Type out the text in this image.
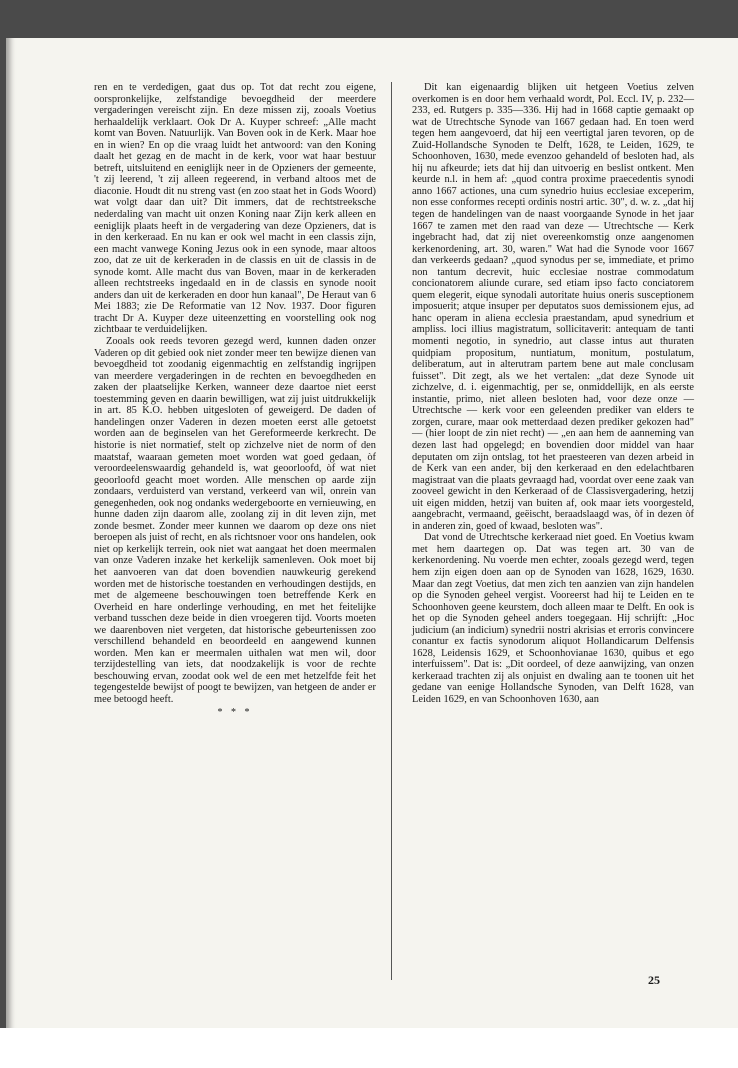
ren en te verdedigen, gaat dus op. Tot dat recht zou eigene, oorspronkelijke, zelfstandige bevoegdheid der meerdere vergaderingen vereischt zijn. En deze missen zij, zooals Voetius herhaaldelijk verklaart. Ook Dr A. Kuyper schreef: „Alle macht komt van Boven. Natuurlijk. Van Boven ook in de Kerk. Maar hoe en in wien? En op die vraag luidt het antwoord: van den Koning daalt het gezag en de macht in de kerk, voor wat haar bestuur betreft, uitsluitend en eeniglijk neer in de Opzieners der gemeente, 't zij leerend, 't zij alleen regeerend, in verband altoos met de diaconie. Houdt dit nu streng vast (en zoo staat het in Gods Woord) wat volgt daar dan uit? Dit immers, dat de rechtstreeksche nederdaling van macht uit onzen Koning naar Zijn kerk alleen en eeniglijk plaats heeft in de vergadering van deze Opzieners, dat is in den kerkeraad. En nu kan er ook wel macht in een classis zijn, een macht vanwege Koning Jezus ook in een synode, maar altoos zoo, dat ze uit de kerkeraden in de classis en uit de classis in de synode komt. Alle macht dus van Boven, maar in de kerkeraden alleen rechtstreeks ingedaald en in de classis en synode nooit anders dan uit de kerkeraden en door hun kanaal", De Heraut van 6 Mei 1883; zie De Reformatie van 12 Nov. 1937. Door figuren tracht Dr A. Kuyper deze uiteenzetting en voorstelling ook nog zichtbaar te verduidelijken.

Zooals ook reeds tevoren gezegd werd, kunnen daden onzer Vaderen op dit gebied ook niet zonder meer ten bewijze dienen van bevoegdheid tot zoodanig eigenmachtig en zelfstandig ingrijpen van meerdere vergaderingen in de rechten en bevoegdheden en zaken der plaatselijke Kerken, wanneer deze daartoe niet eerst toestemming geven en daarin bewilligen, wat zij juist uitdrukkelijk in art. 85 K.O. hebben uitgesloten of geweigerd. De daden of handelingen onzer Vaderen in dezen moeten eerst alle getoetst worden aan de beginselen van het Gereformeerde kerkrecht. De historie is niet normatief, stelt op zichzelve niet de norm of den maatstaf, waaraan gemeten moet worden wat goed gedaan, òf veroordeelenswaardig gehandeld is, wat geoorloofd, òf wat niet geoorloofd geacht moet worden. Alle menschen op aarde zijn zondaars, verduisterd van verstand, verkeerd van wil, onrein van genegenheden, ook nog ondanks wedergeboorte en vernieuwing, en hunne daden zijn daarom alle, zoolang zij in dit leven zijn, met zonde besmet. Zonder meer kunnen we daarom op deze ons niet beroepen als juist of recht, en als richtsnoer voor ons handelen, ook niet op kerkelijk terrein, ook niet wat aangaat het doen meermalen van onze Vaderen inzake het kerkelijk samenleven. Ook moet bij het aanvoeren van dat doen bovendien nauwkeurig gerekend worden met de historische toestanden en verhoudingen destijds, en met de algemeene beschouwingen toen betreffende Kerk en Overheid en hare onderlinge verhouding, en met het feitelijke verband tusschen deze beide in dien vroegeren tijd. Voorts moeten we daarenboven niet vergeten, dat historische gebeurtenissen zoo verschillend behandeld en beoordeeld en aangewend kunnen worden. Men kan er meermalen uithalen wat men wil, door terzijdestelling van iets, dat noodzakelijk is voor de rechte beschouwing ervan, zoodat ook wel de een met hetzelfde feit het tegengestelde bewijst of poogt te bewijzen, van hetgeen de ander er mee betoogd heeft.

* * *

Dit kan eigenaardig blijken uit hetgeen Voetius zelven overkomen is en door hem verhaald wordt, Pol. Eccl. IV, p. 232—233, ed. Rutgers p. 335—336. Hij had in 1668 captie gemaakt op wat de Utrechtsche Synode van 1667 gedaan had. En toen werd tegen hem aangevoerd, dat hij een veertigtal jaren tevoren, op de Zuid-Hollandsche Synoden te Delft, 1628, te Leiden, 1629, te Schoonhoven, 1630, mede evenzoo gehandeld of besloten had, als hij nu afkeurde; iets dat hij dan uitvoerig en beslist ontkent. Men keurde n.l. in hem af: „quod contra proxime praecedentis synodi anno 1667 actiones, una cum synedrio huius ecclesiae exceperim, non esse conformes recepti ordinis nostri artic. 30", d. w. z. „dat hij tegen de handelingen van de naast voorgaande Synode in het jaar 1667 te zamen met den raad van deze — Utrechtsche — Kerk ingebracht had, dat zij niet overeenkomstig onze aangenomen kerkenordening, art. 30, waren." Wat had die Synode voor 1667 dan verkeerds gedaan? „quod synodus per se, immediate, et primo non tantum decrevit, huic ecclesiae nostrae commodatum concionatorem aliunde curare, sed etiam ipso facto conciatorem quem elegerit, eique synodali autoritate huius oneris susceptionem imposuerit; atque insuper per deputatos suos demissionem ejus, ad hanc operam in aliena ecclesia praestandam, apud synedrium et ampliss. loci illius magistratum, sollicitaverit: antequam de tanti momenti negotio, in synedrio, aut classe intus aut thuraten quidpiam propositum, nuntiatum, monitum, postulatum, deliberatum, aut in alterutram partem bene aut male conclusam fuisset". Dit zegt, als we het vertalen: „dat deze Synode uit zichzelve, d. i. eigenmachtig, per se, onmiddellijk, en als eerste instantie, primo, niet alleen besloten had, voor deze onze — Utrechtsche — kerk voor een geleenden prediker van elders te zorgen, curare, maar ook metterdaad dezen prediker gekozen had" — (hier loopt de zin niet recht) — „en aan hem de aanneming van dezen last had opgelegd; en bovendien door middel van haar deputaten om zijn ontslag, tot het praesteeren van dezen arbeid in de Kerk van een ander, bij den kerkeraad en den edelachtbaren magistraat van die plaats gevraagd had, voordat over eene zaak van zooveel gewicht in den Kerkeraad of de Classisvergadering, hetzij uit eigen midden, hetzij van buiten af, ook maar iets voorgesteld, aangebracht, vermaand, geëischt, beraadslaagd was, òf in dezen òf in anderen zin, goed of kwaad, besloten was".

Dat vond de Utrechtsche kerkeraad niet goed. En Voetius kwam met hem daartegen op. Dat was tegen art. 30 van de kerkenordening. Nu voerde men echter, zooals gezegd werd, tegen hem zijn eigen doen aan op de Synoden van 1628, 1629, 1630. Maar dan zegt Voetius, dat men zich ten aanzien van zijn handelen op die Synoden geheel vergist. Vooreerst had hij te Leiden en te Schoonhoven geene keurstem, doch alleen maar te Delft. En ook is het op die Synoden geheel anders toegegaan. Hij schrijft: „Hoc judicium (an indicium) synedrii nostri akrisias et erroris convincere conantur ex factis synodorum aliquot Hollandicarum Delfensis 1628, Leidensis 1629, et Schoonhovianae 1630, quibus et ego interfuissem". Dat is: „Dit oordeel, of deze aanwijzing, van onzen kerkeraad trachten zij als onjuist en dwaling aan te toonen uit het gedane van eenige Hollandsche Synoden, van Delft 1628, van Leiden 1629, en van Schoonhoven 1630, aan

25
